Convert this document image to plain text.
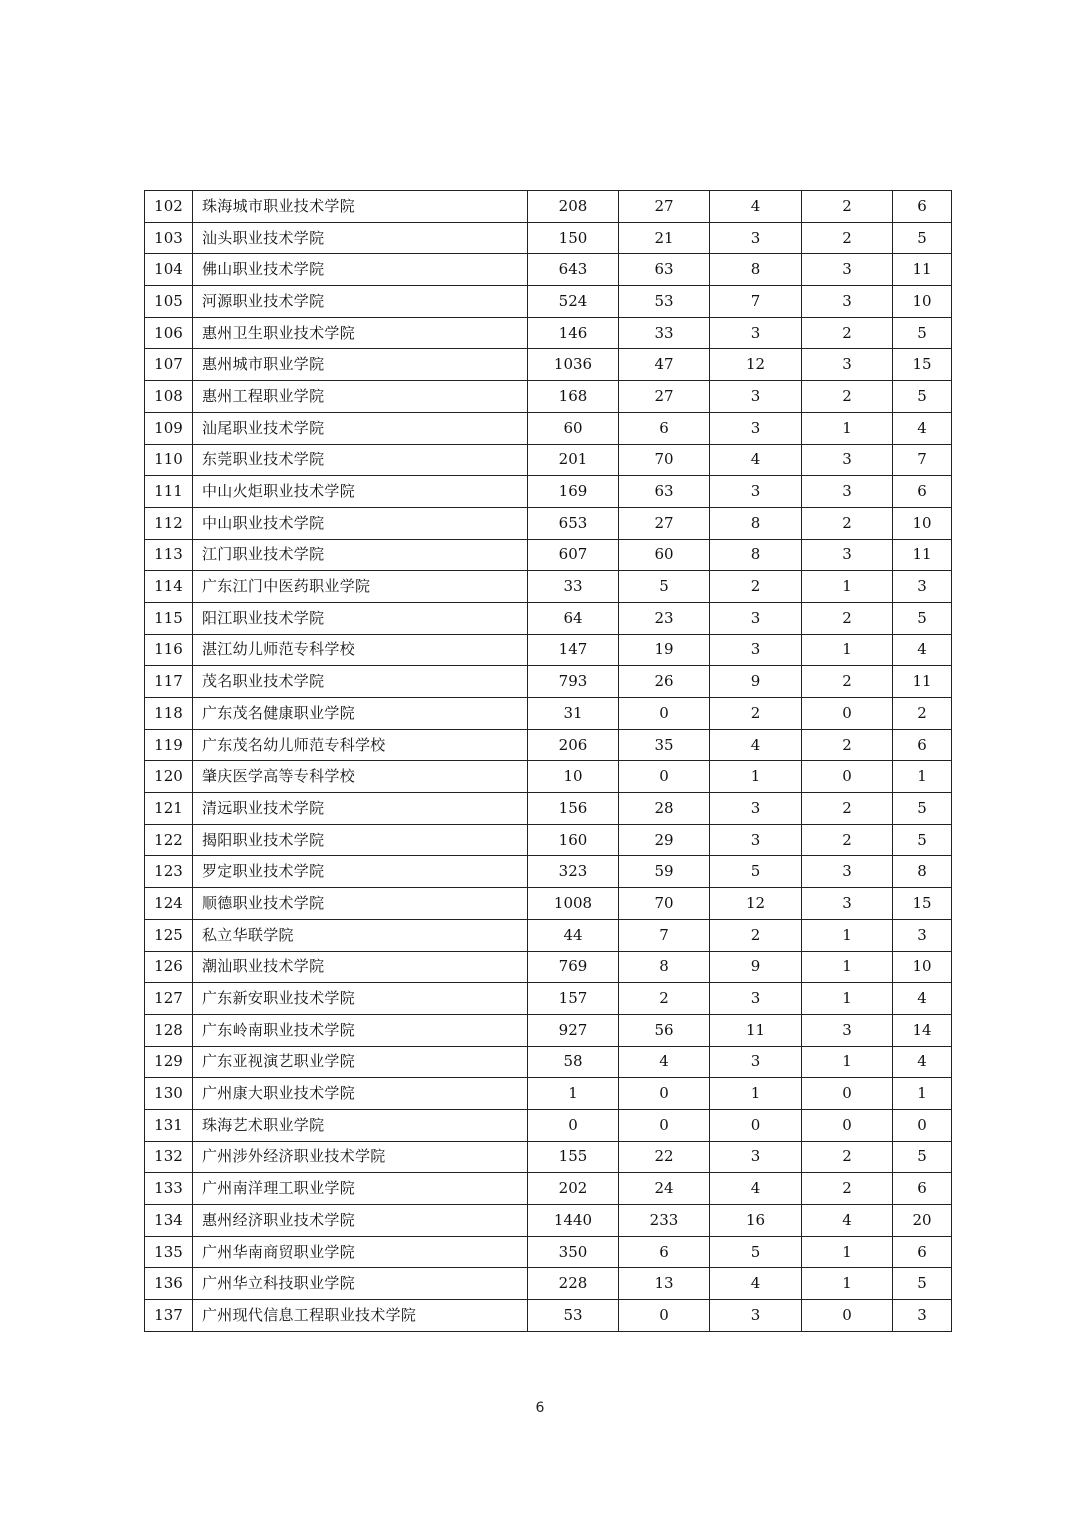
102	珠海城市职业技术学院	208	27	4	2	6
103	汕头职业技术学院	150	21	3	2	5
104	佛山职业技术学院	643	63	8	3	11
105	河源职业技术学院	524	53	7	3	10
106	惠州卫生职业技术学院	146	33	3	2	5
107	惠州城市职业学院	1036	47	12	3	15
108	惠州工程职业学院	168	27	3	2	5
109	汕尾职业技术学院	60	6	3	1	4
110	东莞职业技术学院	201	70	4	3	7
111	中山火炬职业技术学院	169	63	3	3	6
112	中山职业技术学院	653	27	8	2	10
113	江门职业技术学院	607	60	8	3	11
114	广东江门中医药职业学院	33	5	2	1	3
115	阳江职业技术学院	64	23	3	2	5
116	湛江幼儿师范专科学校	147	19	3	1	4
117	茂名职业技术学院	793	26	9	2	11
118	广东茂名健康职业学院	31	0	2	0	2
119	广东茂名幼儿师范专科学校	206	35	4	2	6
120	肇庆医学高等专科学校	10	0	1	0	1
121	清远职业技术学院	156	28	3	2	5
122	揭阳职业技术学院	160	29	3	2	5
123	罗定职业技术学院	323	59	5	3	8
124	顺德职业技术学院	1008	70	12	3	15
125	私立华联学院	44	7	2	1	3
126	潮汕职业技术学院	769	8	9	1	10
127	广东新安职业技术学院	157	2	3	1	4
128	广东岭南职业技术学院	927	56	11	3	14
129	广东亚视演艺职业学院	58	4	3	1	4
130	广州康大职业技术学院	1	0	1	0	1
131	珠海艺术职业学院	0	0	0	0	0
132	广州涉外经济职业技术学院	155	22	3	2	5
133	广州南洋理工职业学院	202	24	4	2	6
134	惠州经济职业技术学院	1440	233	16	4	20
135	广州华南商贸职业学院	350	6	5	1	6
136	广州华立科技职业学院	228	13	4	1	5
137	广州现代信息工程职业技术学院	53	0	3	0	3
6
